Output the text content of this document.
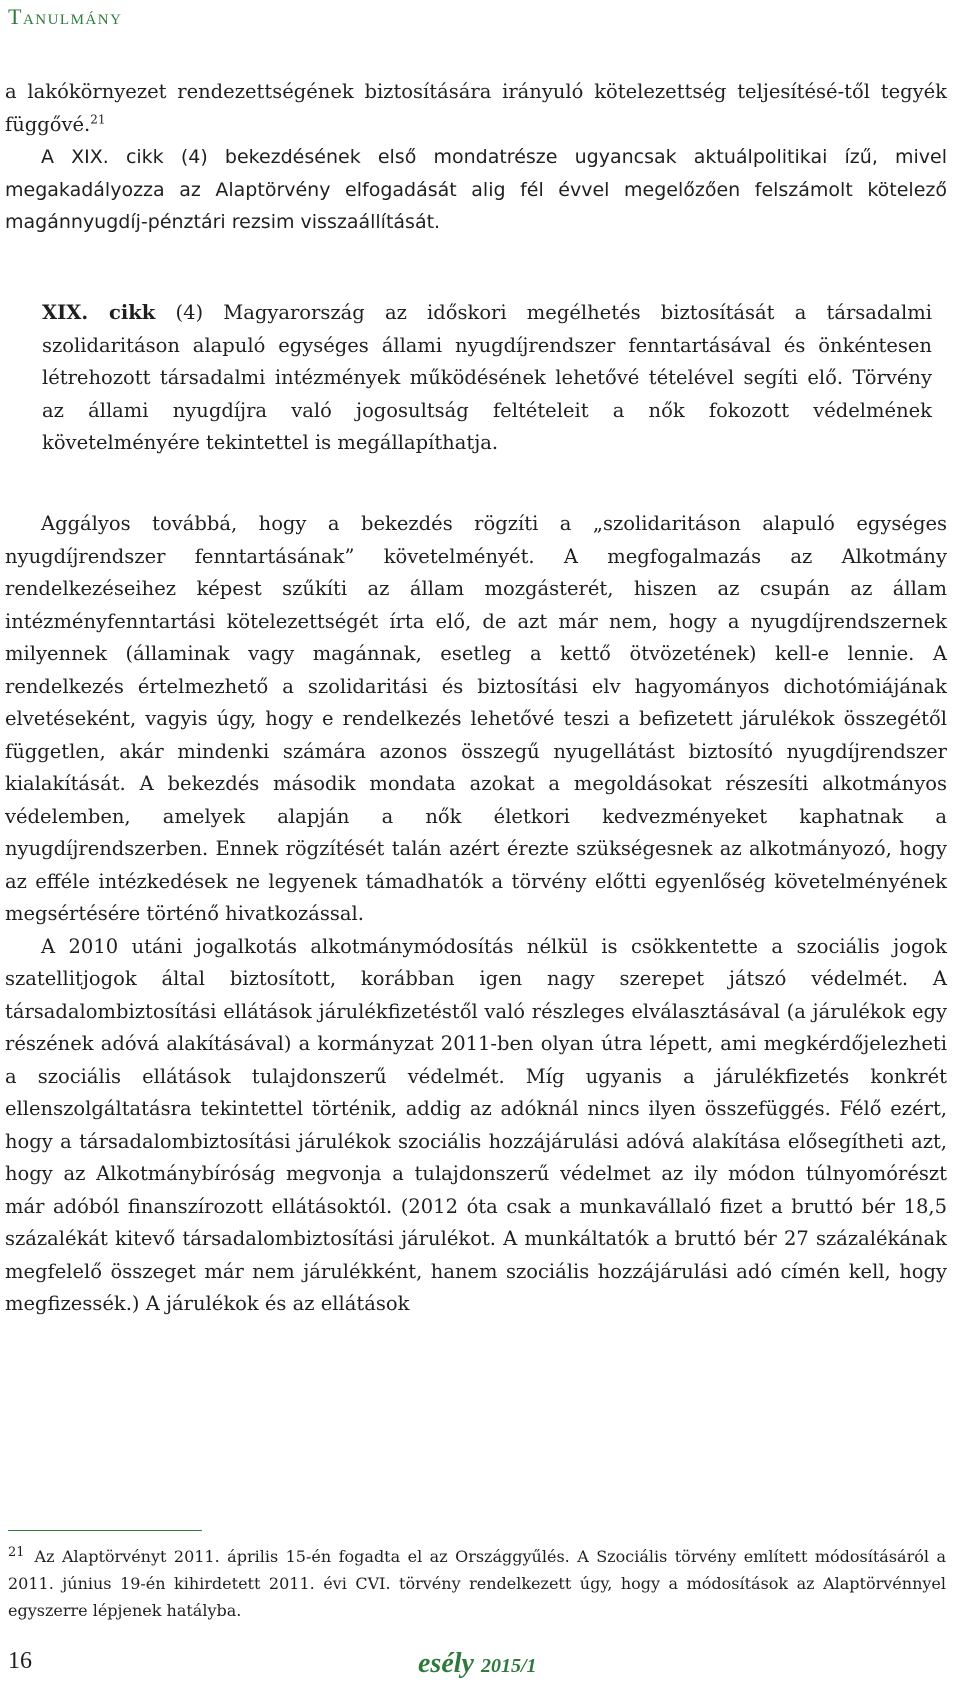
Tanulmány

a lakókörnyezet rendezettségének biztosítására irányuló kötelezettség teljesítésé-től tegyék függővé.$^{21}$

A XIX. cikk (4) bekezdésének első mondatrésze ugyancsak aktuálpolitikai ízű, mivel megakadályozza az Alaptörvény elfogadását alig fél évvel megelőzően felszámolt kötelező magánnyugdíj-pénztári rezsim visszaállítását.

XIX. cikk (4) Magyarország az időskori megélhetés biztosítását a társadalmi szolidaritáson alapuló egységes állami nyugdíjrendszer fenntartásával és önkéntesen létrehozott társadalmi intézmények működésének lehetővé tételével segíti elő. Törvény az állami nyugdíjra való jogosultság feltételeit a nők fokozott védelmének követelményére tekintettel is megállapíthatja.

Aggályos továbbá, hogy a bekezdés rögzíti a „szolidaritáson alapuló egységes nyugdíjrendszer fenntartásának” követelményét. A megfogalmazás az Alkotmány rendelkezéseihez képest szűkíti az állam mozgásterét, hiszen az csupán az állam intézményfenntartási kötelezettségét írta elő, de azt már nem, hogy a nyugdíjrendszernek milyennek (államinak vagy magánnak, esetleg a kettő ötvözetének) kell-e lennie. A rendelkezés értelmezhető a szolidaritási és biztosítási elv hagyományos dichotómiájának elvetéseként, vagyis úgy, hogy e rendelkezés lehetővé teszi a befizetett járulékok összegétől független, akár mindenki számára azonos összegű nyugellátást biztosító nyugdíjrendszer kialakítását. A bekezdés második mondata azokat a megoldásokat részesíti alkotmányos védelemben, amelyek alapján a nők életkori kedvezményeket kaphatnak a nyugdíjrendszerben. Ennek rögzítését talán azért érezte szükségesnek az alkotmányozó, hogy az efféle intézkedések ne legyenek támadhatók a törvény előtti egyenlőség követelményének megsértésére történő hivatkozással.

A 2010 utáni jogalkotás alkotmánymódosítás nélkül is csökkentette a szociális jogok szatellitjogok által biztosított, korábban igen nagy szerepet játszó védelmét. A társadalombiztosítási ellátások járulékfizetéstől való részleges elválasztásával (a járulékok egy részének adóvá alakításával) a kormányzat 2011-ben olyan útra lépett, ami megkérdőjelezheti a szociális ellátások tulajdonszerű védelmét. Míg ugyanis a járulékfizetés konkrét ellenszolgáltatásra tekintettel történik, addig az adóknál nincs ilyen összefüggés. Félő ezért, hogy a társadalombiztosítási járulékok szociális hozzájárulási adóvá alakítása elősegítheti azt, hogy az Alkotmánybíróság megvonja a tulajdonszerű védelmet az ily módon túlnyomórészt már adóból finanszírozott ellátásoktól. (2012 óta csak a munkavállaló fizet a bruttó bér 18,5 százalékát kitevő társadalombiztosítási járulékot. A munkáltatók a bruttó bér 27 százalékának megfelelő összeget már nem járulékként, hanem szociális hozzájárulási adó címén kell, hogy megfizessék.) A járulékok és az ellátások

$^{21}$ Az Alaptörvényt 2011. április 15-én fogadta el az Országgyűlés. A Szociális törvény említett módosításáról a 2011. június 19-én kihirdetett 2011. évi CVI. törvény rendelkezett úgy, hogy a módosítások az Alaptörvénnyel egyszerre lépjenek hatályba.
16	esély 2015/1
